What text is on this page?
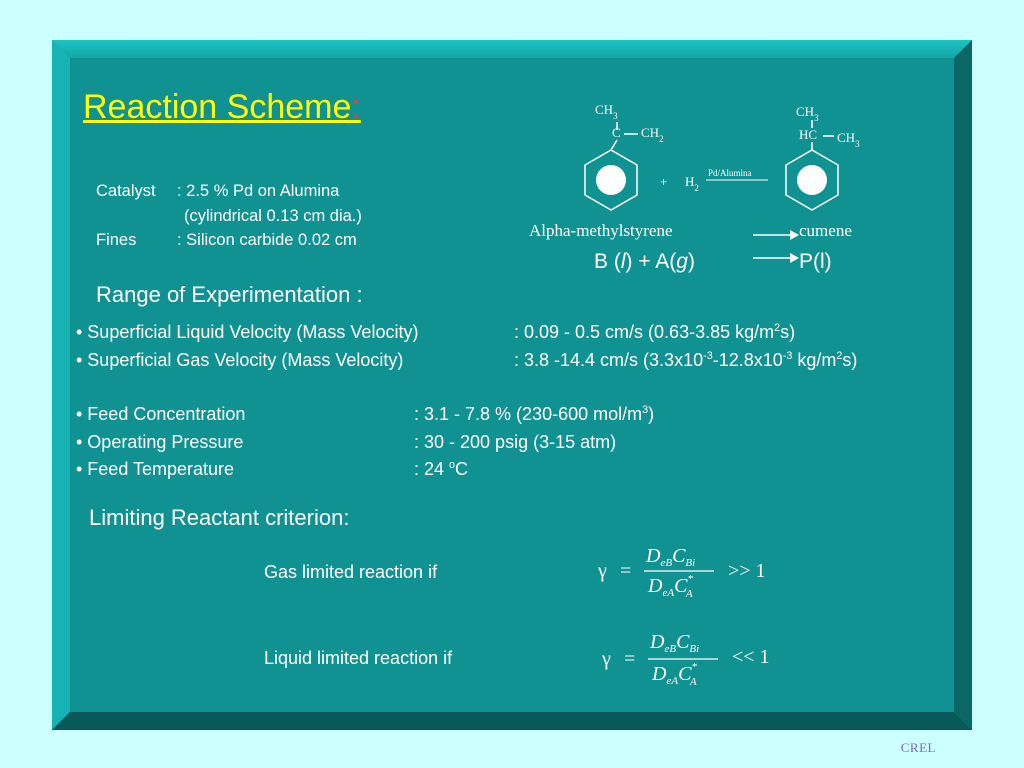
Reaction Scheme:
Catalyst : 2.5 % Pd on Alumina
(cylindrical 0.13 cm dia.)
Fines : Silicon carbide 0.02 cm
$CH_3$
C $CH_2$
+ $H_2$
Pd/Alumina
$CH_3$
HC $CH_3$
Alpha-methylstyrene	cumene
B (l) + A(g)	P(l)
Range of Experimentation :
• Superficial Liquid Velocity (Mass Velocity)	: 0.09 - 0.5 cm/s (0.63-3.85 $kg/m^2s$)
• Superficial Gas Velocity (Mass Velocity)	: 3.8 -14.4 cm/s ($3.3x10^{-3}-12.8x10^{-3}$ $kg/m^2s$)
• Feed Concentration	: 3.1 - 7.8 % (230-600 mol/$m^3$)
• Operating Pressure	: 30 - 200 psig (3-15 atm)
• Feed Temperature	: 24 $^o$C
Limiting Reactant criterion:
Gas limited reaction if
Liquid limited reaction if
γ =
$D_{eB}C_{Bi}$
$D_{eA}C^*$ A
>> 1
γ =
$D_{eB}C_{Bi}$
$D_{eA}C^*$ A
<< 1
CREL
